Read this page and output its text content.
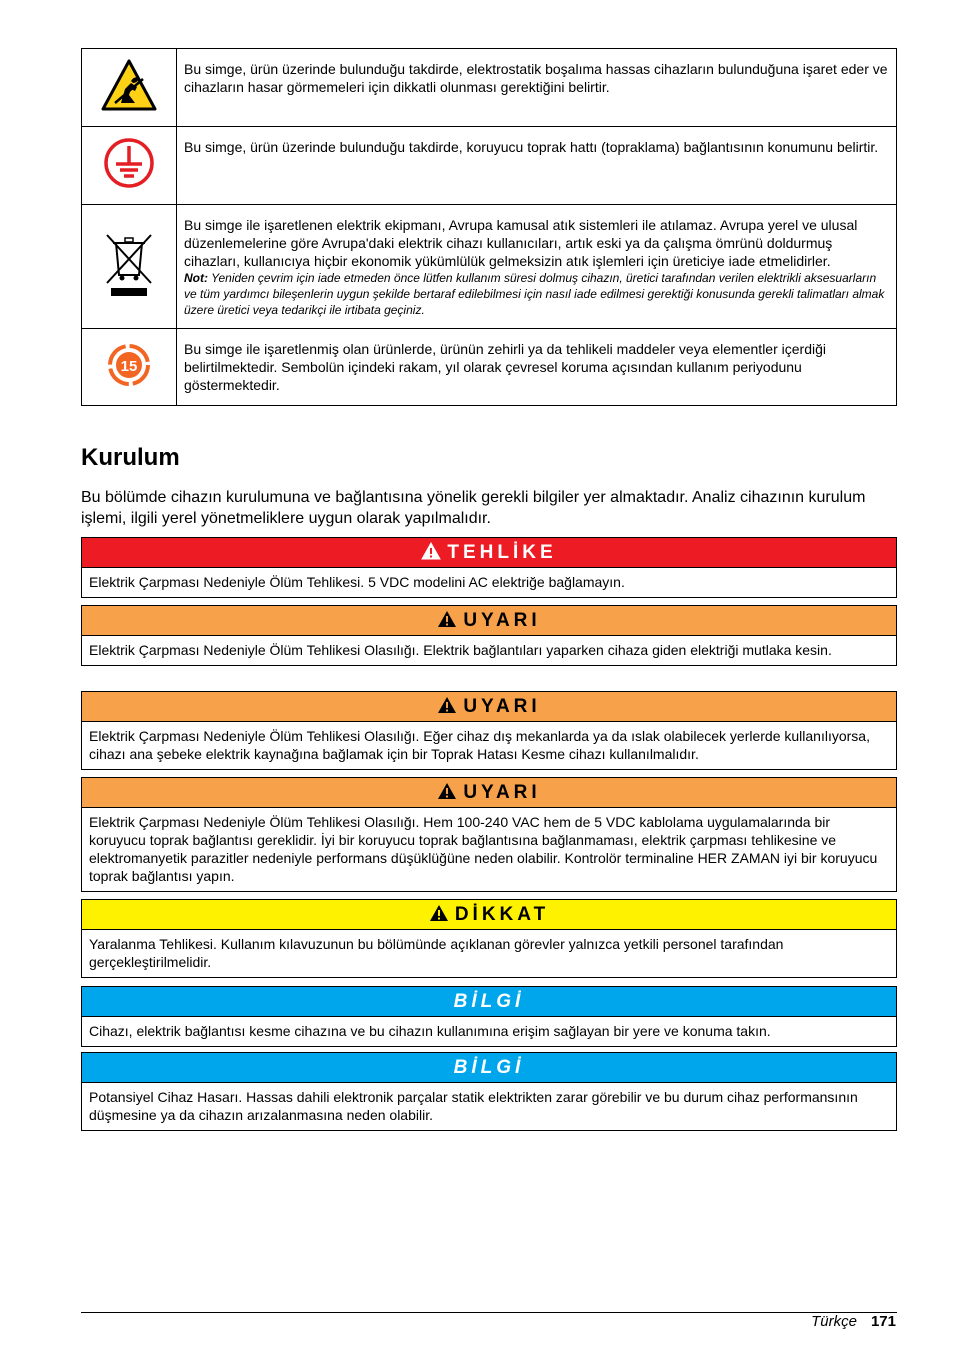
Bu simge, ürün üzerinde bulunduğu takdirde, elektrostatik boşalıma hassas cihazların bulunduğuna işaret eder ve cihazların hasar görmemeleri için dikkatli olunması gerektiğini belirtir.

Bu simge, ürün üzerinde bulunduğu takdirde, koruyucu toprak hattı (topraklama) bağlantısının konumunu belirtir.

Bu simge ile işaretlenen elektrik ekipmanı, Avrupa kamusal atık sistemleri ile atılamaz. Avrupa yerel ve ulusal düzenlemelerine göre Avrupa'daki elektrik cihazı kullanıcıları, artık eski ya da çalışma ömrünü doldurmuş cihazları, kullanıcıya hiçbir ekonomik yükümlülük gelmeksizin atık işlemleri için üreticiye iade etmelidirler.

Not: Yeniden çevrim için iade etmeden önce lütfen kullanım süresi dolmuş cihazın, üretici tarafından verilen elektrikli aksesuarların ve tüm yardımcı bileşenlerin uygun şekilde bertaraf edilebilmesi için nasıl iade edilmesi gerektiği konusunda gerekli talimatları almak üzere üretici veya tedarikçi ile irtibata geçiniz.

15	Bu simge ile işaretlenmiş olan ürünlerde, ürünün zehirli ya da tehlikeli maddeler veya elementler içerdiği belirtilmektedir. Sembolün içindeki rakam, yıl olarak çevresel koruma açısından kullanım periyodunu göstermektedir.

Kurulum

Bu bölümde cihazın kurulumuna ve bağlantısına yönelik gerekli bilgiler yer almaktadır. Analiz cihazının kurulum işlemi, ilgili yerel yönetmeliklere uygun olarak yapılmalıdır.

TEHLİKE
Elektrik Çarpması Nedeniyle Ölüm Tehlikesi. 5 VDC modelini AC elektriğe bağlamayın.
UYARI
Elektrik Çarpması Nedeniyle Ölüm Tehlikesi Olasılığı. Elektrik bağlantıları yaparken cihaza giden elektriği mutlaka kesin.
UYARI
Elektrik Çarpması Nedeniyle Ölüm Tehlikesi Olasılığı. Eğer cihaz dış mekanlarda ya da ıslak olabilecek yerlerde kullanılıyorsa, cihazı ana şebeke elektrik kaynağına bağlamak için bir Toprak Hatası Kesme cihazı kullanılmalıdır.
UYARI
Elektrik Çarpması Nedeniyle Ölüm Tehlikesi Olasılığı. Hem 100-240 VAC hem de 5 VDC kablolama uygulamalarında bir koruyucu toprak bağlantısı gereklidir. İyi bir koruyucu toprak bağlantısına bağlanmaması, elektrik çarpması tehlikesine ve elektromanyetik parazitler nedeniyle performans düşüklüğüne neden olabilir. Kontrolör terminaline HER ZAMAN iyi bir koruyucu toprak bağlantısı yapın.
DİKKAT
Yaralanma Tehlikesi. Kullanım kılavuzunun bu bölümünde açıklanan görevler yalnızca yetkili personel tarafından gerçekleştirilmelidir.
BİLGİ
Cihazı, elektrik bağlantısı kesme cihazına ve bu cihazın kullanımına erişim sağlayan bir yere ve konuma takın.
BİLGİ
Potansiyel Cihaz Hasarı. Hassas dahili elektronik parçalar statik elektrikten zarar görebilir ve bu durum cihaz performansının düşmesine ya da cihazın arızalanmasına neden olabilir.
Türkçe 171
